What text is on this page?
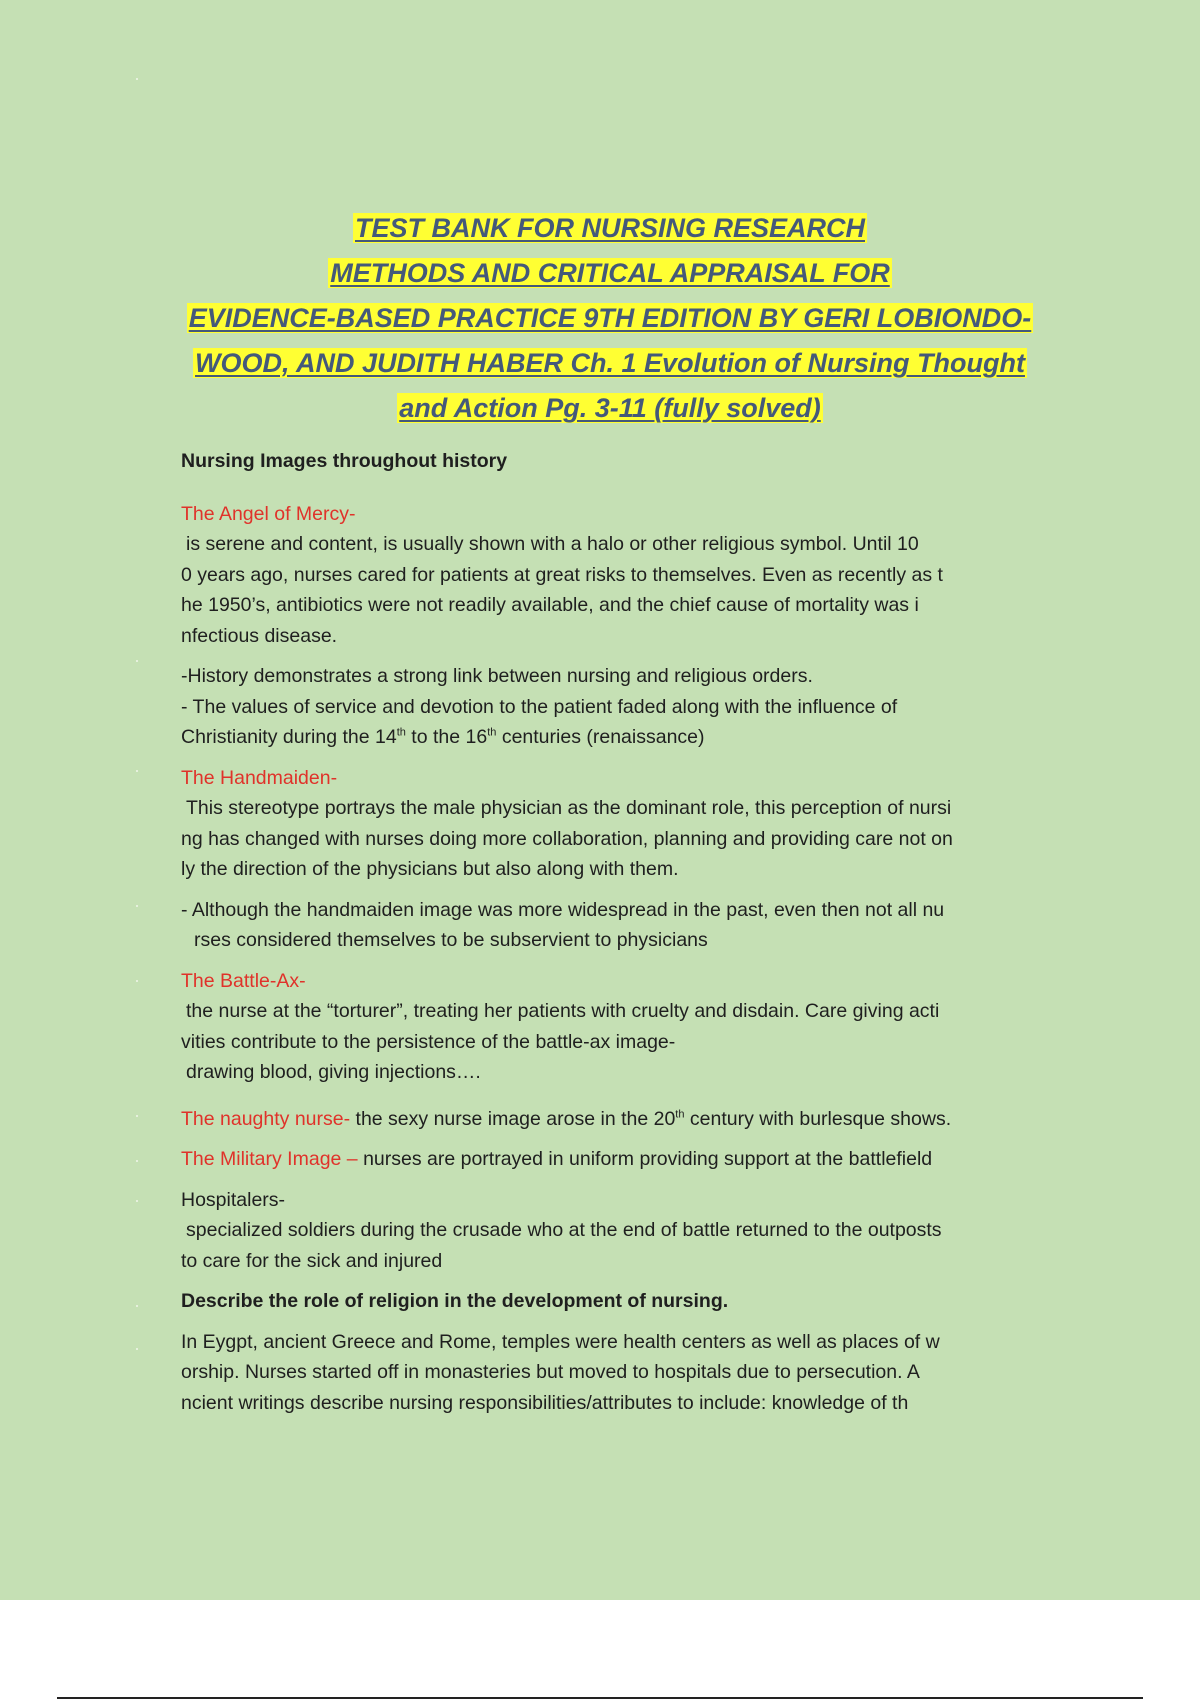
TEST BANK FOR NURSING RESEARCH
METHODS AND CRITICAL APPRAISAL FOR
EVIDENCE-BASED PRACTICE 9TH EDITION BY GERI LOBIONDO-
WOOD, AND JUDITH HABER Ch. 1 Evolution of Nursing Thought
and Action Pg. 3-11 (fully solved)

Nursing Images throughout history

The Angel of Mercy-

is serene and content, is usually shown with a halo or other religious symbol. Until 10

0 years ago, nurses cared for patients at great risks to themselves. Even as recently as t

he 1950’s, antibiotics were not readily available, and the chief cause of mortality was i

nfectious disease.

-History demonstrates a strong link between nursing and religious orders.

- The values of service and devotion to the patient faded along with the influence of

Christianity during the 14th to the 16th centuries (renaissance)

The Handmaiden-

This stereotype portrays the male physician as the dominant role, this perception of nursi

ng has changed with nurses doing more collaboration, planning and providing care not on

ly the direction of the physicians but also along with them.

- Although the handmaiden image was more widespread in the past, even then not all nu

rses considered themselves to be subservient to physicians

The Battle-Ax-

the nurse at the “torturer”, treating her patients with cruelty and disdain. Care giving acti

vities contribute to the persistence of the battle-ax image-

drawing blood, giving injections….

The naughty nurse- the sexy nurse image arose in the 20th century with burlesque shows.

The Military Image – nurses are portrayed in uniform providing support at the battlefield

Hospitalers-

specialized soldiers during the crusade who at the end of battle returned to the outposts

to care for the sick and injured

Describe the role of religion in the development of nursing.

In Eygpt, ancient Greece and Rome, temples were health centers as well as places of w

orship. Nurses started off in monasteries but moved to hospitals due to persecution. A

ncient writings describe nursing responsibilities/attributes to include: knowledge of th
